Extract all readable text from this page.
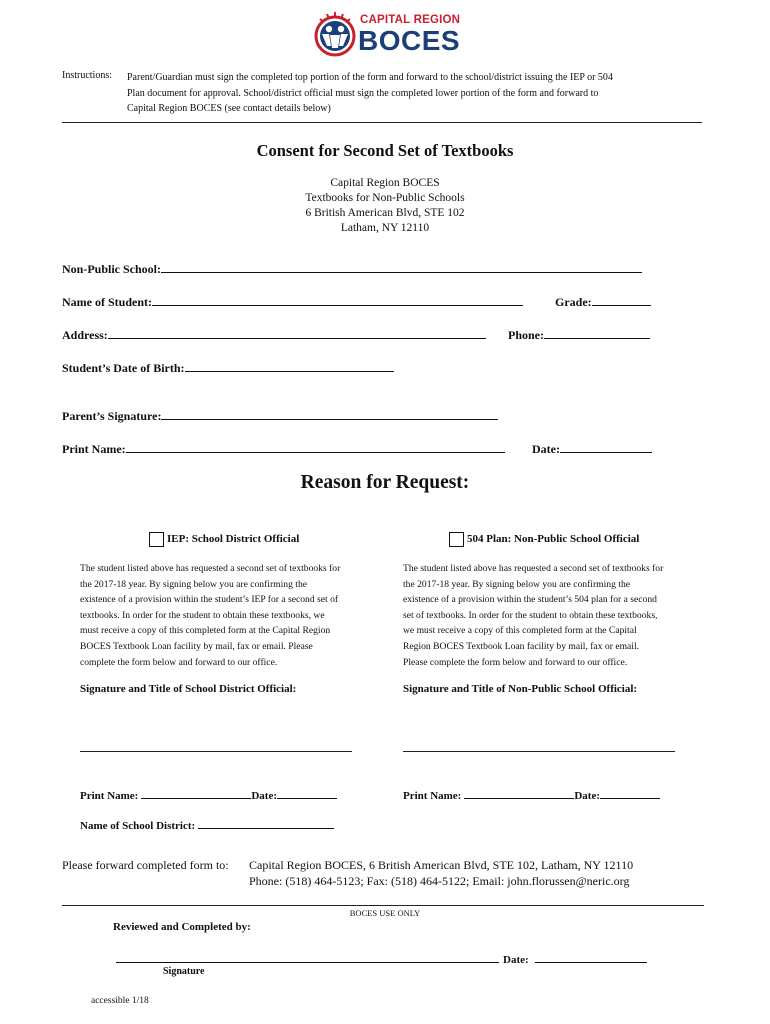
CAPITAL REGION
BOCES
Instructions: Parent/Guardian must sign the completed top portion of the form and forward to the school/district issuing the IEP or 504
Plan document for approval. School/district official must sign the completed lower portion of the form and forward to
Capital Region BOCES (see contact details below)
Consent for Second Set of Textbooks
Capital Region BOCES
Textbooks for Non-Public Schools
6 British American Blvd, STE 102
Latham, NY 12110
Non-Public School:
Name of Student:	Grade:
Address:	Phone:
Student’s Date of Birth:
Parent’s Signature:
Print Name:	Date:
Reason for Request:
IEP: School District Official	504 Plan: Non-Public School Official
The student listed above has requested a second set of textbooks for
the 2017-18 year. By signing below you are confirming the
existence of a provision within the student’s IEP for a second set of
textbooks. In order for the student to obtain these textbooks, we
must receive a copy of this completed form at the Capital Region
BOCES Textbook Loan facility by mail, fax or email. Please
complete the form below and forward to our office.
The student listed above has requested a second set of textbooks for
the 2017-18 year. By signing below you are confirming the
existence of a provision within the student’s 504 plan for a second
set of textbooks. In order for the student to obtain these textbooks,
we must receive a copy of this completed form at the Capital
Region BOCES Textbook Loan facility by mail, fax or email.
Please complete the form below and forward to our office.
Signature and Title of School District Official:	Signature and Title of Non-Public School Official:
Print Name:	Date:	Print Name:	Date:
Name of School District:
Please forward completed form to: Capital Region BOCES, 6 British American Blvd, STE 102, Latham, NY 12110
Phone: (518) 464-5123; Fax: (518) 464-5122; Email: john.florussen@neric.org
BOCES USE ONLY
Reviewed and Completed by:
Date:
Signature
accessible 1/18
